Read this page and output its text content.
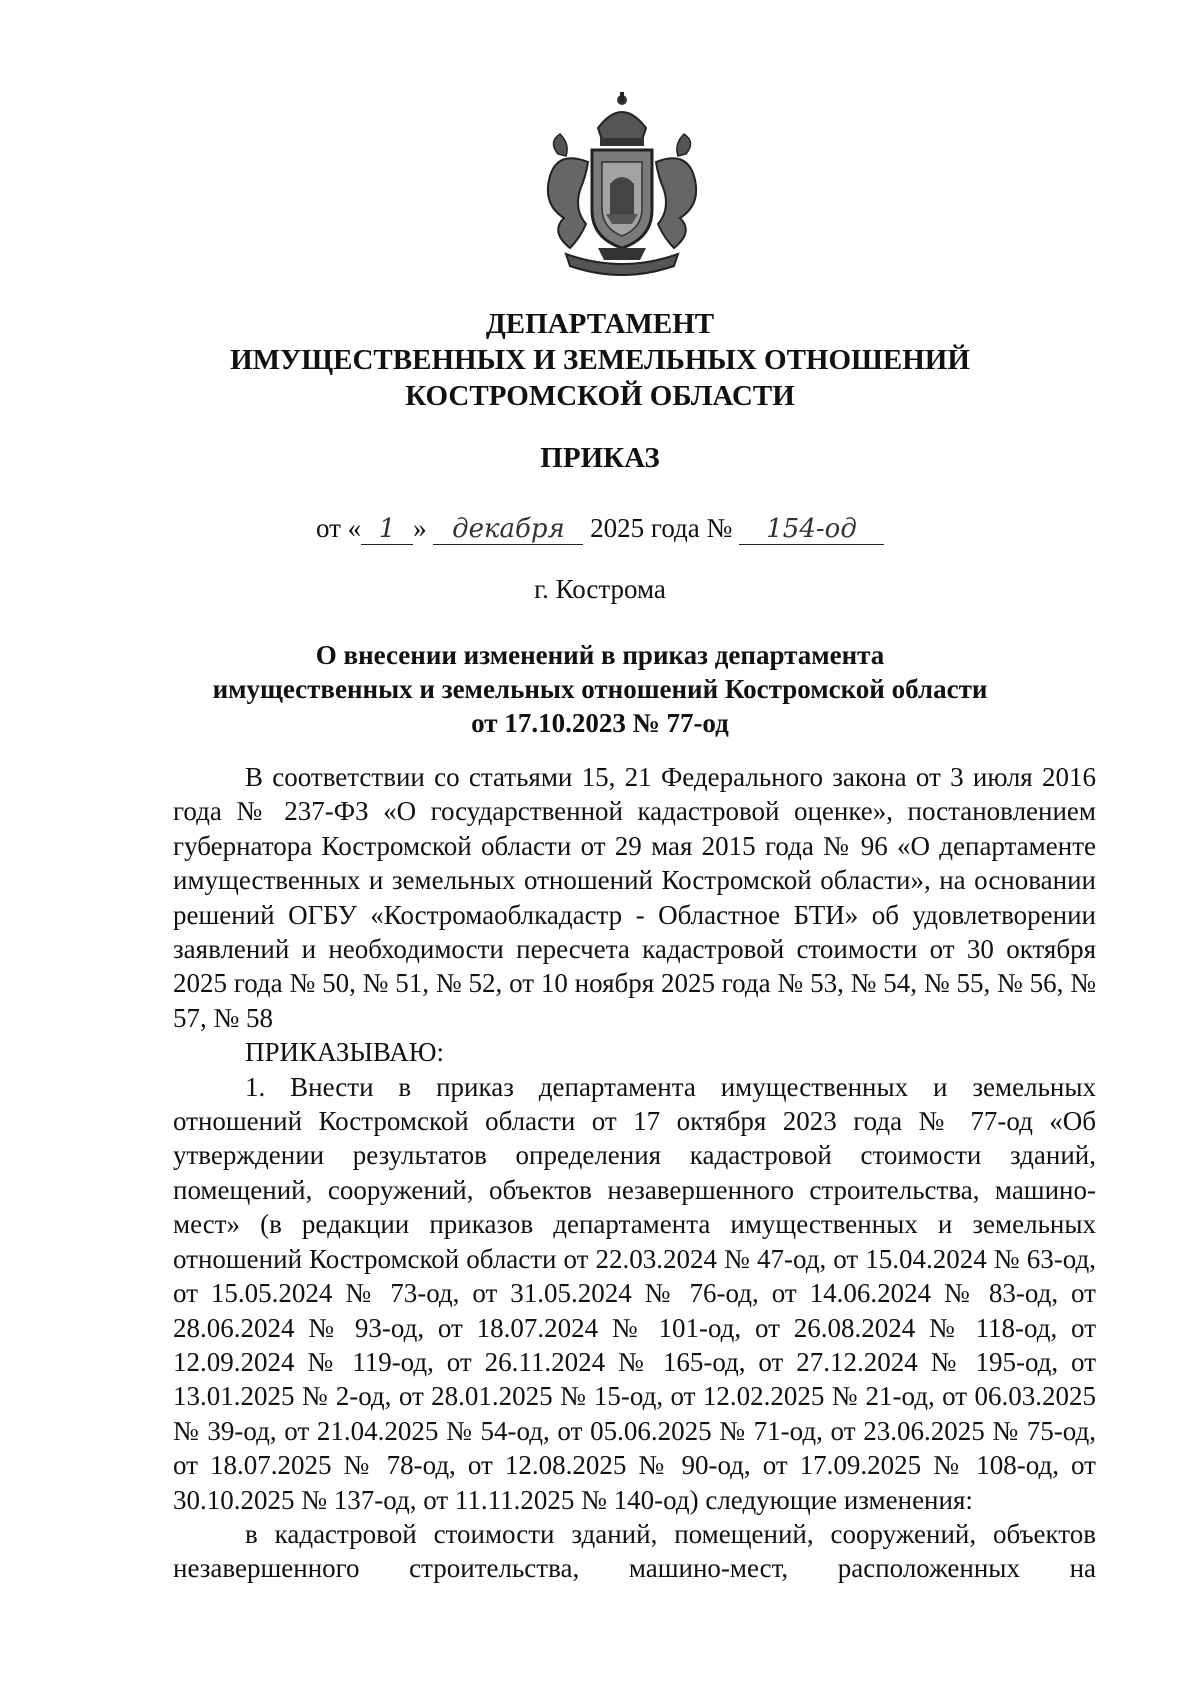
ДЕПАРТАМЕНТ
ИМУЩЕСТВЕННЫХ И ЗЕМЕЛЬНЫХ ОТНОШЕНИЙ
КОСТРОМСКОЙ ОБЛАСТИ
ПРИКАЗ
от « 1 » декабря 2025 года № 154-од
г. Кострома
О внесении изменений в приказ департамента
имущественных и земельных отношений Костромской области
от 17.10.2023 № 77-од

В соответствии со статьями 15, 21 Федерального закона от 3 июля 2016 года № 237-ФЗ «О государственной кадастровой оценке», постановлением губернатора Костромской области от 29 мая 2015 года № 96 «О департаменте имущественных и земельных отношений Костромской области», на основании решений ОГБУ «Костромаоблкадастр - Областное БТИ» об удовлетворении заявлений и необходимости пересчета кадастровой стоимости от 30 октября 2025 года № 50, № 51, № 52, от 10 ноября 2025 года № 53, № 54, № 55, № 56, № 57, № 58

ПРИКАЗЫВАЮ:

1. Внести в приказ департамента имущественных и земельных отношений Костромской области от 17 октября 2023 года № 77-од «Об утверждении результатов определения кадастровой стоимости зданий, помещений, сооружений, объектов незавершенного строительства, машино-мест» (в редакции приказов департамента имущественных и земельных отношений Костромской области от 22.03.2024 № 47-од, от 15.04.2024 № 63-од, от 15.05.2024 № 73-од, от 31.05.2024 № 76-од, от 14.06.2024 № 83-од, от 28.06.2024 № 93-од, от 18.07.2024 № 101-од, от 26.08.2024 № 118-од, от 12.09.2024 № 119-од, от 26.11.2024 № 165-од, от 27.12.2024 № 195-од, от 13.01.2025 № 2-од, от 28.01.2025 № 15-од, от 12.02.2025 № 21-од, от 06.03.2025 № 39-од, от 21.04.2025 № 54-од, от 05.06.2025 № 71-од, от 23.06.2025 № 75-од, от 18.07.2025 № 78-од, от 12.08.2025 № 90-од, от 17.09.2025 № 108-од, от 30.10.2025 № 137-од, от 11.11.2025 № 140-од) следующие изменения:

в кадастровой стоимости зданий, помещений, сооружений, объектов незавершенного строительства, машино-мест, расположенных на
